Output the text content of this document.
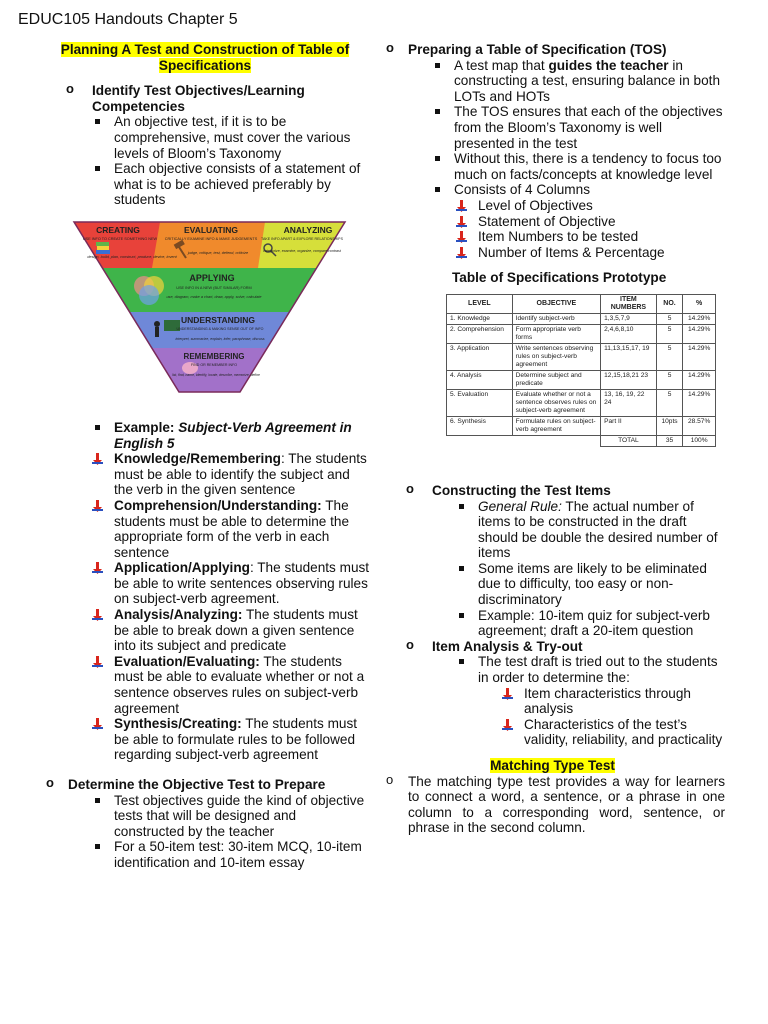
EDUC105 Handouts Chapter 5
Planning A Test and Construction of Table of Specifications
o Identify Test Objectives/Learning Competencies
An objective test, if it is to be comprehensive, must cover the various levels of Bloom’s Taxonomy
Each objective consists of a statement of what is to be achieved preferably by students
CREATING
USE INFO TO CREATE SOMETHING NEW
design, build, plan, construct, produce, device, invent
EVALUATING
CRITICALLY EXAMINE INFO & MAKE JUDGEMENTS
judge, critique, test, defend, criticize
ANALYZING
TAKE INFO APART & EXPLORE RELATIONSHIPS
categorize, examine, organize, compare/contrast
APPLYING
USE INFO IN A NEW (BUT SIMILAR) FORM
use, diagram, make a chart, draw, apply, solve, calculate
UNDERSTANDING
UNDERSTANDING & MAKING SENSE OUT OF INFO
interpret, summarize, explain, infer, paraphrase, discuss
REMEMBERING
FIND OR REMEMBER INFO
list, find, name, identify, locate, describe, memorize, define
Example: Subject-Verb Agreement in English 5
Knowledge/Remembering: The students must be able to identify the subject and the verb in the given sentence
Comprehension/Understanding: The students must be able to determine the appropriate form of the verb in each sentence
Application/Applying: The students must be able to write sentences observing rules on subject-verb agreement.
Analysis/Analyzing: The students must be able to break down a given sentence into its subject and predicate
Evaluation/Evaluating: The students must be able to evaluate whether or not a sentence observes rules on subject-verb agreement
Synthesis/Creating: The students must be able to formulate rules to be followed regarding subject-verb agreement
o Determine the Objective Test to Prepare
Test objectives guide the kind of objective tests that will be designed and constructed by the teacher
For a 50-item test: 30-item MCQ, 10-item identification and 10-item essay
o Preparing a Table of Specification (TOS)
A test map that guides the teacher in constructing a test, ensuring balance in both LOTs and HOTs
The TOS ensures that each of the objectives from the Bloom’s Taxonomy is well presented in the test
Without this, there is a tendency to focus too much on facts/concepts at knowledge level
Consists of 4 Columns
Level of Objectives
Statement of Objective
Item Numbers to be tested
Number of Items & Percentage
Table of Specifications Prototype
LEVEL	OBJECTIVE	ITEM NUMBERS	NO.	%
1. Knowledge	Identify subject-verb	1,3,5,7,9	5	14.29%
2. Comprehension	Form appropriate verb forms	2,4,6,8,10	5	14.29%
3. Application	Write sentences observing rules on subject-verb agreement	11,13,15,17, 19	5	14.29%
4. Analysis	Determine subject and predicate	12,15,18,21 23	5	14.29%
5. Evaluation	Evaluate whether or not a sentence observes rules on subject-verb agreement	13, 16, 19, 22 24	5	14.29%
6. Synthesis	Formulate rules on subject-verb agreement	Part II	10pts	28.57%
		TOTAL	35	100%
o Constructing the Test Items
General Rule: The actual number of items to be constructed in the draft should be double the desired number of items
Some items are likely to be eliminated due to difficulty, too easy or non-discriminatory
Example: 10-item quiz for subject-verb agreement; draft a 20-item question
o Item Analysis & Try-out
The test draft is tried out to the students in order to determine the:
Item characteristics through analysis
Characteristics of the test’s validity, reliability, and practicality
Matching Type Test
o The matching type test provides a way for learners to connect a word, a sentence, or a phrase in one column to a corresponding word, sentence, or phrase in the second column.
